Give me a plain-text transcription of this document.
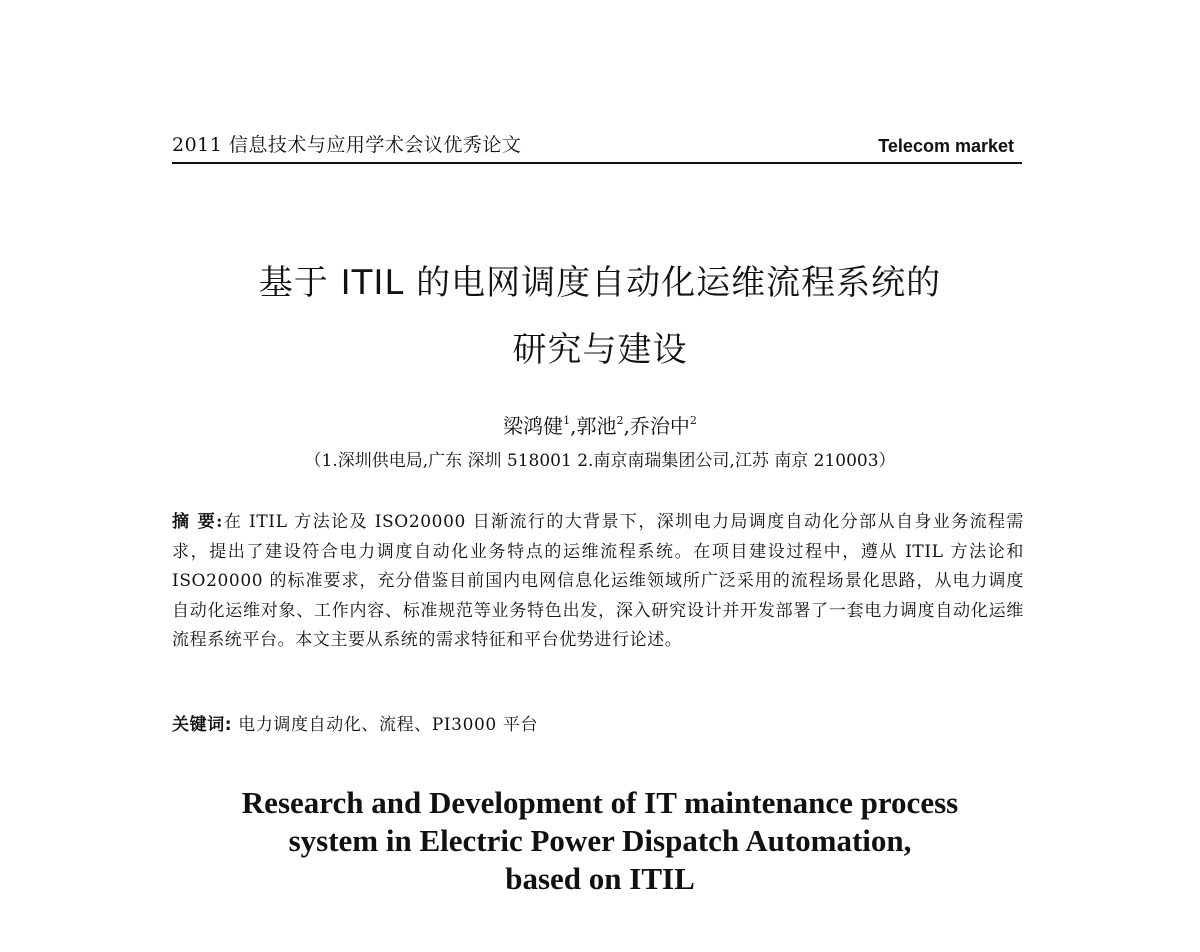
2011 信息技术与应用学术会议优秀论文	Telecom market
基于 ITIL 的电网调度自动化运维流程系统的
研究与建设
梁鸿健$^1$,郭池$^2$,乔治中$^2$
（1.深圳供电局,广东 深圳 518001 2.南京南瑞集团公司,江苏 南京 210003）
摘 要:在 ITIL 方法论及 ISO20000 日渐流行的大背景下，深圳电力局调度自动化分部从自身业务流程需求，提出了建设符合电力调度自动化业务特点的运维流程系统。在项目建设过程中，遵从 ITIL 方法论和 ISO20000 的标准要求，充分借鉴目前国内电网信息化运维领域所广泛采用的流程场景化思路，从电力调度自动化运维对象、工作内容、标准规范等业务特色出发，深入研究设计并开发部署了一套电力调度自动化运维流程系统平台。本文主要从系统的需求特征和平台优势进行论述。
关键词: 电力调度自动化、流程、PI3000 平台
Research and Development of IT maintenance process
system in Electric Power Dispatch Automation,
based on ITIL
